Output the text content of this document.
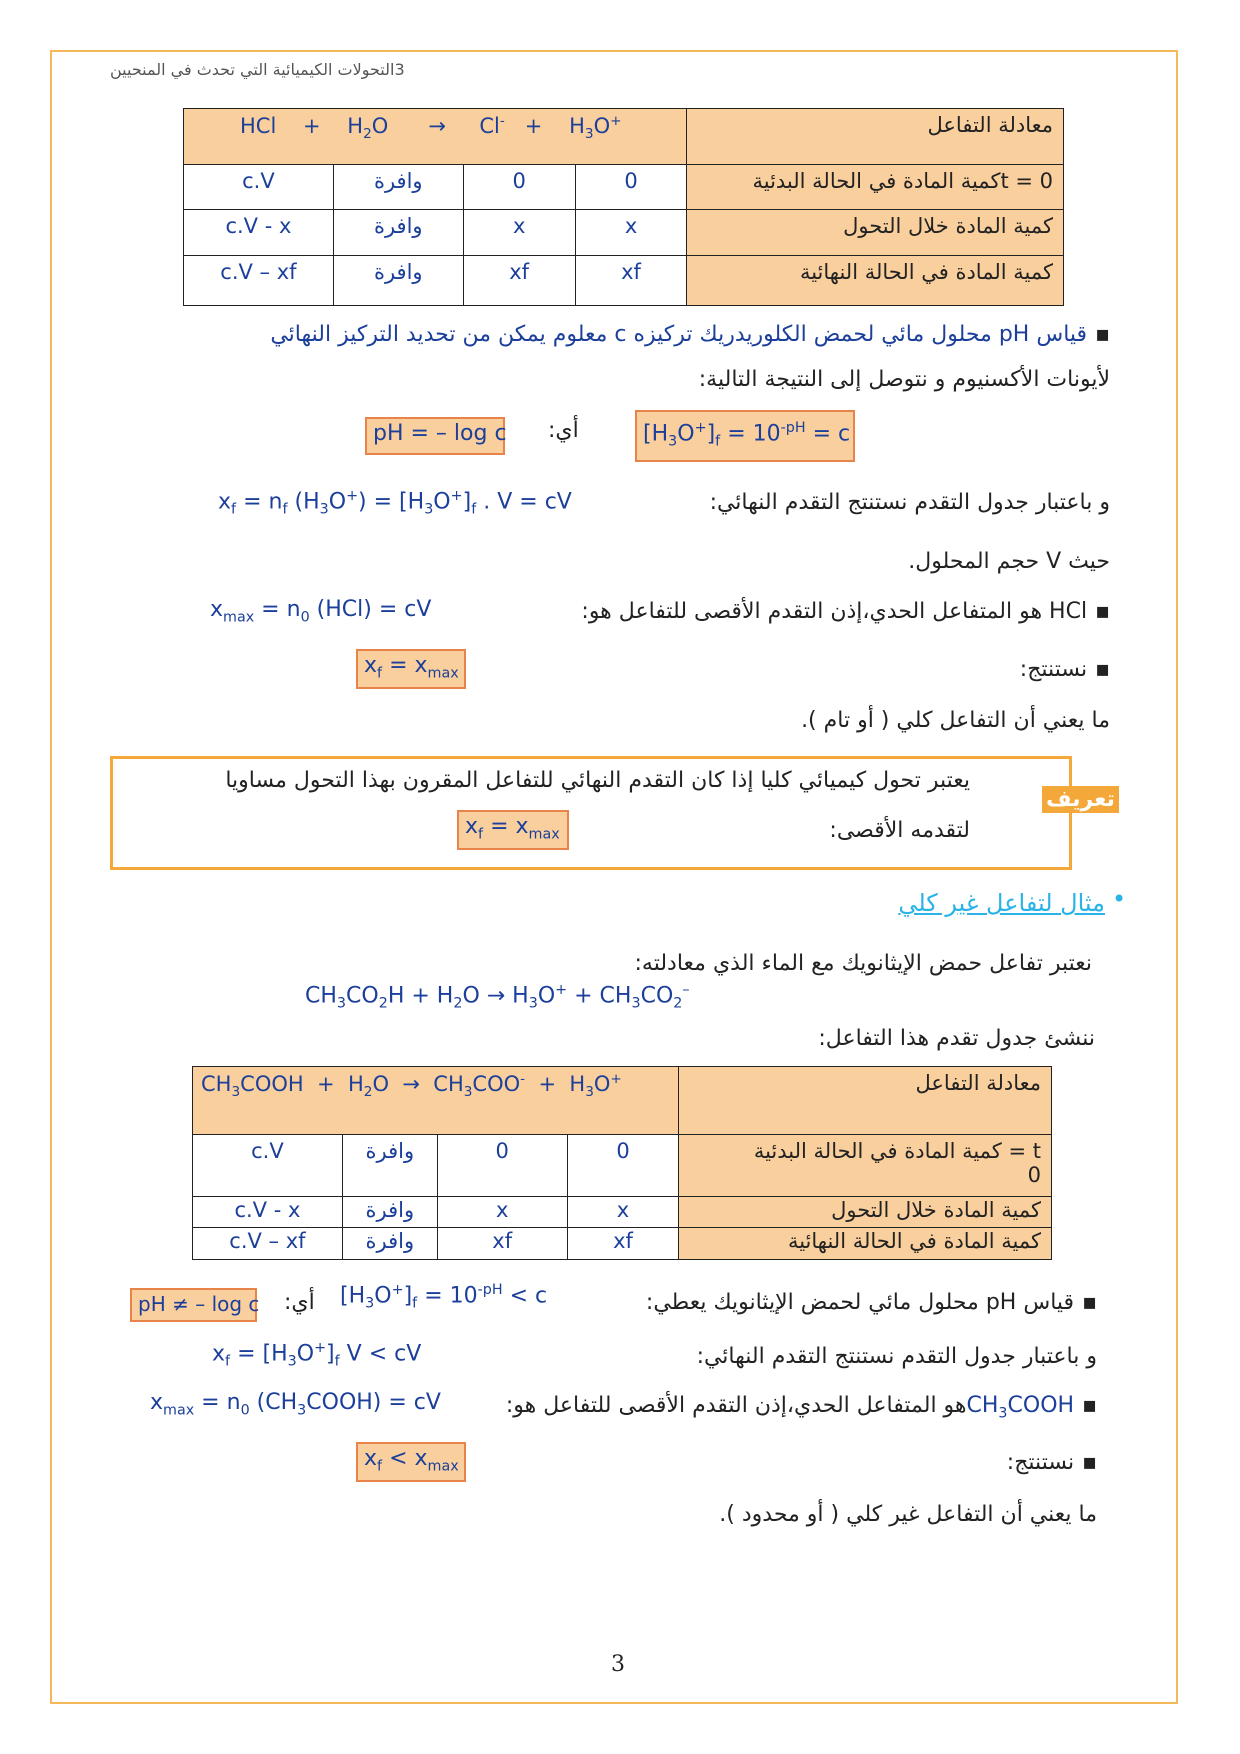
3التحولات الكيميائية التي تحدث في المنحيين
HCl    +    $H_2O$      →     Cl-   +    $H_3O^+$				معادلة التفاعل
c.V	وافرة	0	0	t = 0كمية المادة في الحالة البدئية
c.V - x	وافرة	x	x	كمية المادة خلال التحول
c.V – xf	وافرة	xf	xf	كمية المادة في الحالة النهائية
▪ قياس pH محلول مائي لحمض الكلوريدريك تركيزه c معلوم يمكن من تحديد التركيز النهائي
لأيونات الأكسنيوم و نتوصل إلى النتيجة التالية:
pH = – log c أي:	$[H_3O^+]_f = 10^{-pH} = c$
و باعتبار جدول التقدم نستنتج التقدم النهائي:
$x_f = n_f$ $(H_3O^+) = [H_3O^+]_f$ . V = cV
حيث V حجم المحلول.
▪ HCl هو المتفاعل الحدي،إذن التقدم الأقصى للتفاعل هو:
$x_{max} = n_0$ (HCl) = cV
▪ نستنتج:
$x_f = x_{max}$
ما يعني أن التفاعل كلي ( أو تام ).
تعريف
يعتبر تحول كيميائي كليا إذا كان التقدم النهائي للتفاعل المقرون بهذا التحول مساويا
لتقدمه الأقصى:
$x_f = x_{max}$
•
مثال لتفاعل غير كلي
نعتبر تفاعل حمض الإيثانويك مع الماء الذي معادلته:
$CH_3CO_2H + H_2O \to H_3O^+ + CH_3CO_2^-$
ننشئ جدول تقدم هذا التفاعل:
$CH_3COOH + H_2O \to CH_3COO^- + H_3O^+$				معادلة التفاعل
c.V	وافرة	0	0	t = كمية المادة في الحالة البدئية
0

c.V - x	وافرة	x	x	كمية المادة خلال التحول
c.V – xf	وافرة	xf	xf	كمية المادة في الحالة النهائية
▪ قياس pH محلول مائي لحمض الإيثانويك يعطي:
أي:
pH ≠ – log c	$[H_3O^+]_f = 10^{-pH} < c$
و باعتبار جدول التقدم نستنتج التقدم النهائي:
$x_f = [H_3O^+]_f$ V < cV
▪ $CH_3COOHهو$ المتفاعل الحدي،إذن التقدم الأقصى للتفاعل هو:
$x_{max} = n_0$ $(CH_3COOH)$ = cV
▪ نستنتج:
$x_f < x_{max}$
ما يعني أن التفاعل غير كلي ( أو محدود ).
3
